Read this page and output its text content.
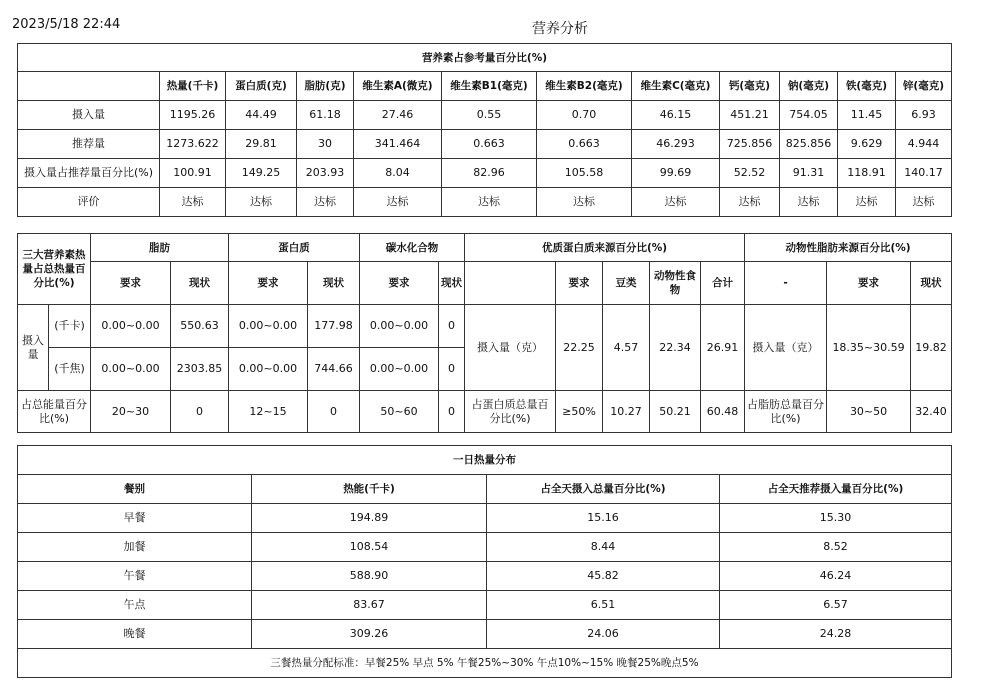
2023/5/18 22:44	营养分析
营养素占参考量百分比(%)											
	热量(千卡)	蛋白质(克)	脂肪(克)	维生素A(微克)	维生素B1(毫克)	维生素B2(毫克)	维生素C(毫克)	钙(毫克)	钠(毫克)	铁(毫克)	锌(毫克)
摄入量	1195.26	44.49	61.18	27.46	0.55	0.70	46.15	451.21	754.05	11.45	6.93
推荐量	1273.622	29.81	30	341.464	0.663	0.663	46.293	725.856	825.856	9.629	4.944
摄入量占推荐量百分比(%)	100.91	149.25	203.93	8.04	82.96	105.58	99.69	52.52	91.31	118.91	140.17
评价	达标	达标	达标	达标	达标	达标	达标	达标	达标	达标	达标
三大营养素热量占总热量百分比(%)		脂肪		蛋白质		碳水化合物		优质蛋白质来源百分比(%)					动物性脂肪来源百分比(%)		
		要求	现状	要求	现状	要求	现状		要求	豆类	动物性食物	合计	-	要求	现状
摄入量	(千卡)	0.00~0.00	550.63	0.00~0.00	177.98	0.00~0.00	0	摄入量（克）	22.25	4.57	22.34	26.91	摄入量（克）	18.35~30.59	19.82
	(千焦)	0.00~0.00	2303.85	0.00~0.00	744.66	0.00~0.00	0								
占总能量百分比(%)		20~30	0	12~15	0	50~60	0	占蛋白质总量百分比(%)	≥50%	10.27	50.21	60.48	占脂肪总量百分比(%)	30~50	32.40
一日热量分布			
餐别	热能(千卡)	占全天摄入总量百分比(%)	占全天推荐摄入量百分比(%)
早餐	194.89	15.16	15.30
加餐	108.54	8.44	8.52
午餐	588.90	45.82	46.24
午点	83.67	6.51	6.57
晚餐	309.26	24.06	24.28
三餐热量分配标准：早餐25% 早点 5% 午餐25%~30% 午点10%~15% 晚餐25%晚点5%			
